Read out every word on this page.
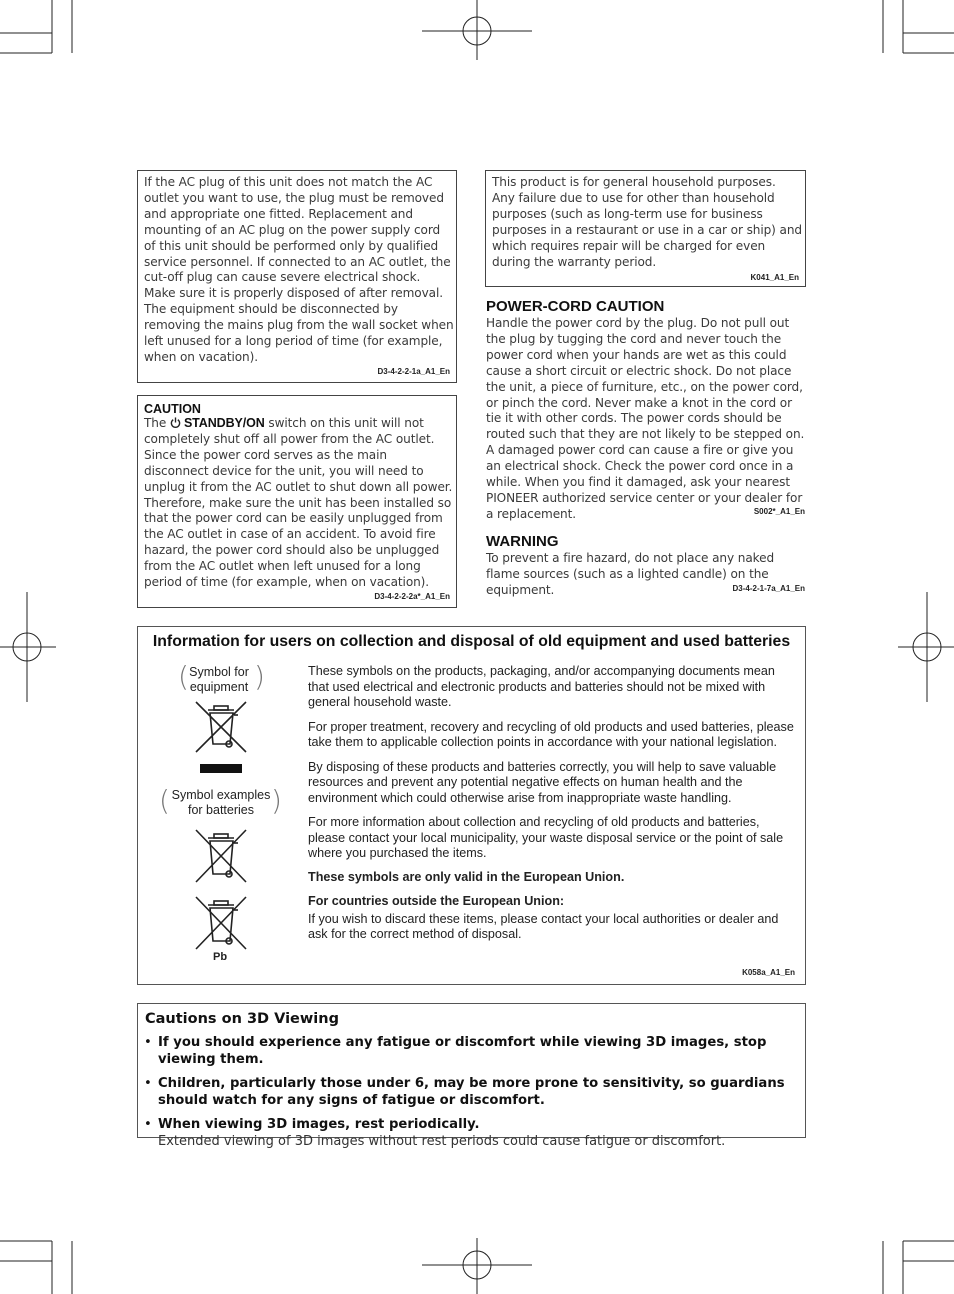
If the AC plug of this unit does not match the AC outlet you want to use, the plug must be removed and appropriate one fitted. Replacement and mounting of an AC plug on the power supply cord of this unit should be performed only by qualified service personnel. If connected to an AC outlet, the cut-off plug can cause severe electrical shock. Make sure it is properly disposed of after removal.
The equipment should be disconnected by removing the mains plug from the wall socket when left unused for a long period of time (for example, when on vacation).
D3-4-2-2-1a_A1_En
CAUTION
The STANDBY/ON switch on this unit will not completely shut off all power from the AC outlet. Since the power cord serves as the main disconnect device for the unit, you will need to unplug it from the AC outlet to shut down all power. Therefore, make sure the unit has been installed so that the power cord can be easily unplugged from the AC outlet in case of an accident. To avoid fire hazard, the power cord should also be unplugged from the AC outlet when left unused for a long period of time (for example, when on vacation).
D3-4-2-2-2a*_A1_En
This product is for general household purposes. Any failure due to use for other than household purposes (such as long-term use for business purposes in a restaurant or use in a car or ship) and which requires repair will be charged for even during the warranty period.
K041_A1_En
POWER-CORD CAUTION
Handle the power cord by the plug. Do not pull out the plug by tugging the cord and never touch the power cord when your hands are wet as this could cause a short circuit or electric shock. Do not place the unit, a piece of furniture, etc., on the power cord, or pinch the cord. Never make a knot in the cord or tie it with other cords. The power cords should be routed such that they are not likely to be stepped on. A damaged power cord can cause a fire or give you an electrical shock. Check the power cord once in a while. When you find it damaged, ask your nearest PIONEER authorized service center or your dealer for a replacement.	S002*_A1_En
WARNING
To prevent a fire hazard, do not place any naked flame sources (such as a lighted candle) on the equipment.	D3-4-2-1-7a_A1_En
Information for users on collection and disposal of old equipment and used batteries
( Symbol for equipment )
( Symbol examples for batteries )
Pb

These symbols on the products, packaging, and/or accompanying documents mean that used electrical and electronic products and batteries should not be mixed with general household waste.

For proper treatment, recovery and recycling of old products and used batteries, please take them to applicable collection points in accordance with your national legislation.

By disposing of these products and batteries correctly, you will help to save valuable resources and prevent any potential negative effects on human health and the environment which could otherwise arise from inappropriate waste handling.

For more information about collection and recycling of old products and batteries, please contact your local municipality, your waste disposal service or the point of sale where you purchased the items.

These symbols are only valid in the European Union.

For countries outside the European Union:

If you wish to discard these items, please contact your local authorities or dealer and ask for the correct method of disposal.

K058a_A1_En
Cautions on 3D Viewing
• If you should experience any fatigue or discomfort while viewing 3D images, stop viewing them.
• Children, particularly those under 6, may be more prone to sensitivity, so guardians should watch for any signs of fatigue or discomfort.
• When viewing 3D images, rest periodically.
Extended viewing of 3D images without rest periods could cause fatigue or discomfort.
